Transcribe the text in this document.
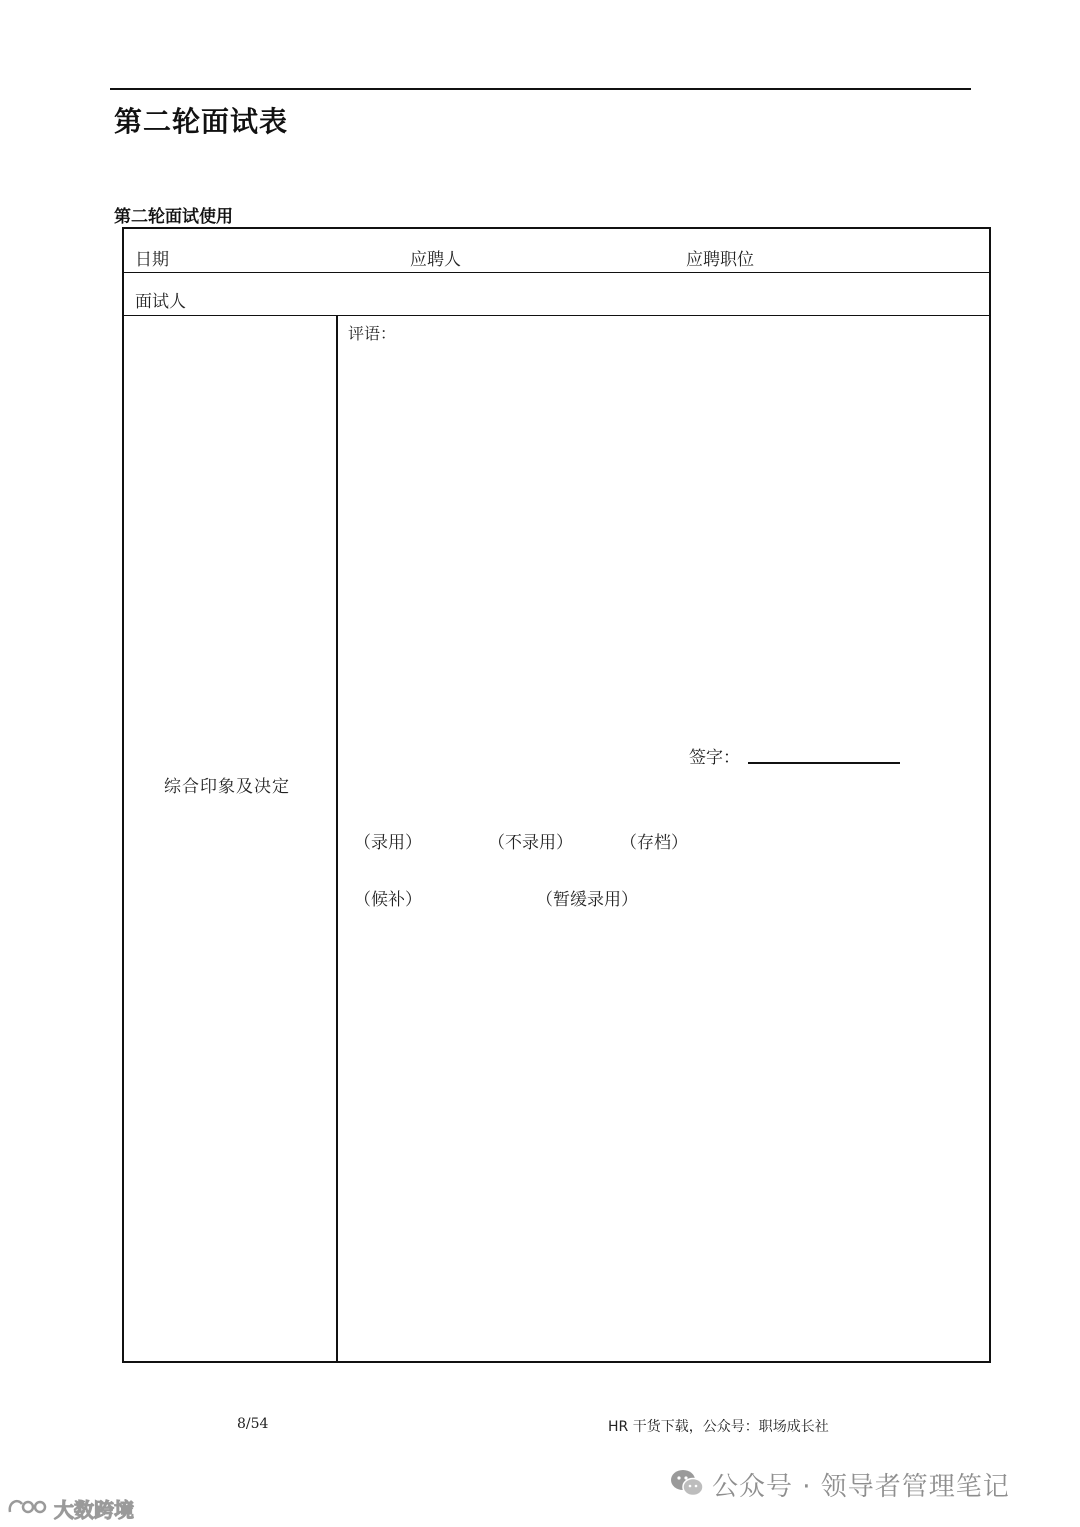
第二轮面试表
第二轮面试使用
日期	应聘人	应聘职位
面试人
综合印象及决定
评语：
签字：
（录用）	（不录用）	（存档）
（候补）	（暂缓录用）
8/54	HR 干货下载，公众号：职场成长社
公众号 · 领导者管理笔记
大数跨境
